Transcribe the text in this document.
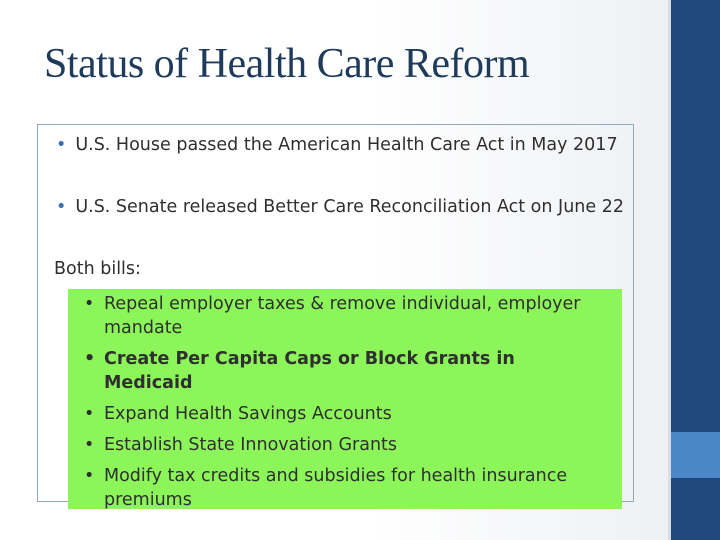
Status of Health Care Reform
• U.S. House passed the American Health Care Act in May 2017
• U.S. Senate released Better Care Reconciliation Act on June 22
Both bills:
• Repeal employer taxes & remove individual, employer mandate
• Create Per Capita Caps or Block Grants in Medicaid
• Expand Health Savings Accounts
• Establish State Innovation Grants
• Modify tax credits and subsidies for health insurance premiums
